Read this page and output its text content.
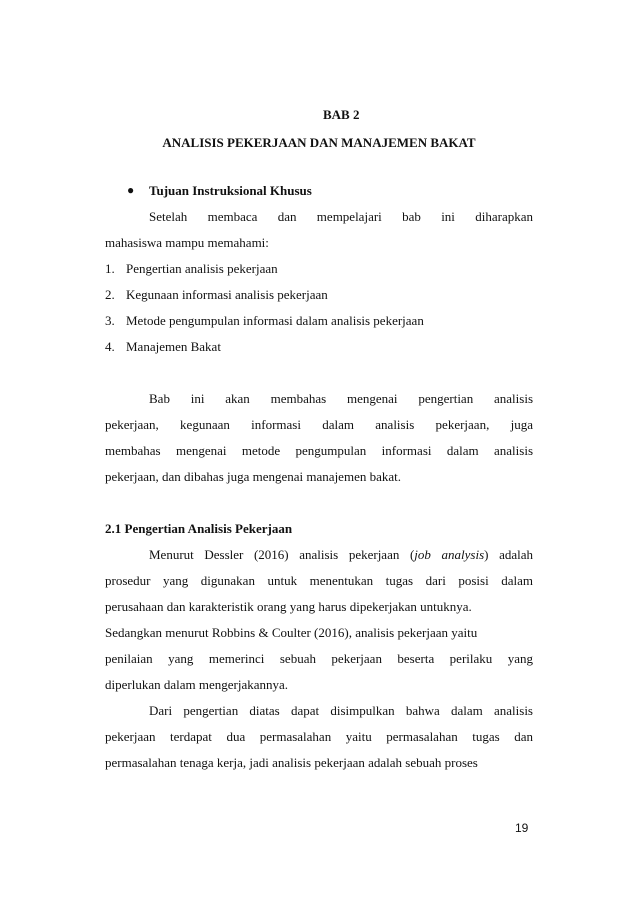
BAB 2
ANALISIS PEKERJAAN DAN MANAJEMEN BAKAT
● Tujuan Instruksional Khusus
Setelah membaca dan mempelajari bab ini diharapkan
mahasiswa mampu memahami:
1. Pengertian analisis pekerjaan
2. Kegunaan informasi analisis pekerjaan
3. Metode pengumpulan informasi dalam analisis pekerjaan
4. Manajemen Bakat
Bab ini akan membahas mengenai pengertian analisis
pekerjaan, kegunaan informasi dalam analisis pekerjaan, juga
membahas mengenai metode pengumpulan informasi dalam analisis
pekerjaan, dan dibahas juga mengenai manajemen bakat.
2.1 Pengertian Analisis Pekerjaan
Menurut Dessler (2016) analisis pekerjaan (job analysis) adalah
prosedur yang digunakan untuk menentukan tugas dari posisi dalam
perusahaan dan karakteristik orang yang harus dipekerjakan untuknya.
Sedangkan menurut Robbins & Coulter (2016), analisis pekerjaan yaitu
penilaian yang memerinci sebuah pekerjaan beserta perilaku yang
diperlukan dalam mengerjakannya.
Dari pengertian diatas dapat disimpulkan bahwa dalam analisis
pekerjaan terdapat dua permasalahan yaitu permasalahan tugas dan
permasalahan tenaga kerja, jadi analisis pekerjaan adalah sebuah proses
19
